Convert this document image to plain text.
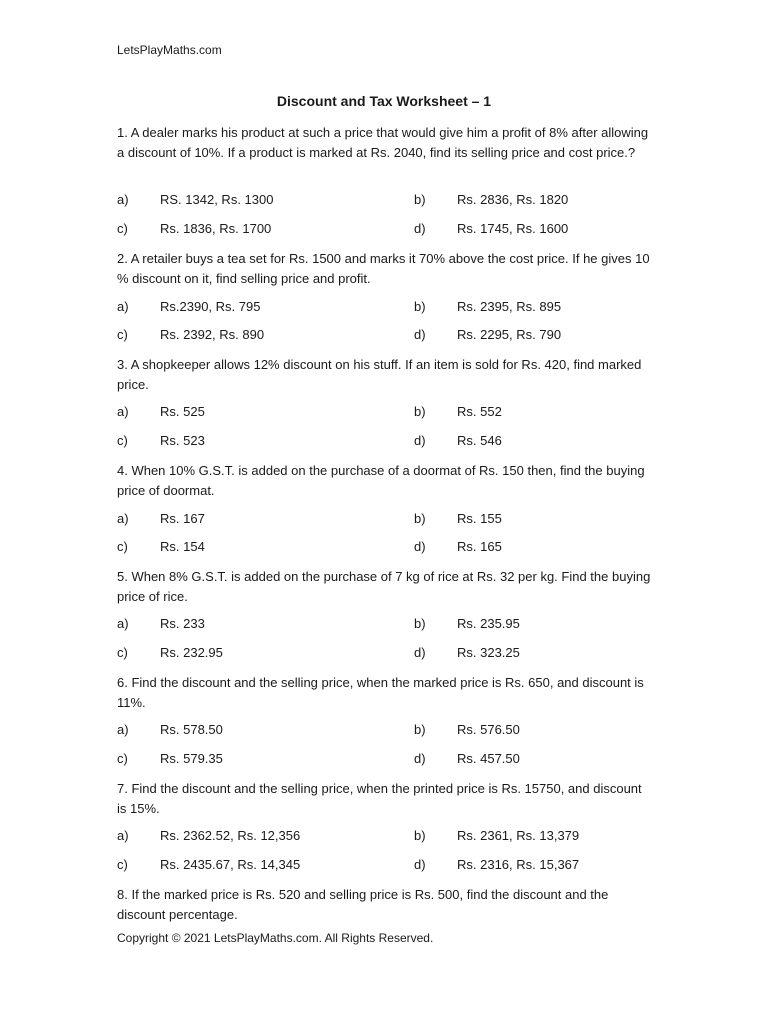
LetsPlayMaths.com
Discount and Tax Worksheet – 1
1. A dealer marks his product at such a price that would give him a profit of 8% after allowing a discount of 10%. If a product is marked at Rs. 2040, find its selling price and cost price.?
a) RS. 1342, Rs. 1300	b) Rs. 2836, Rs. 1820
c) Rs. 1836, Rs. 1700	d) Rs. 1745, Rs. 1600
2. A retailer buys a tea set for Rs. 1500 and marks it 70% above the cost price. If he gives 10 % discount on it, find selling price and profit.
a) Rs.2390, Rs. 795	b) Rs. 2395, Rs. 895
c) Rs. 2392, Rs. 890	d) Rs. 2295, Rs. 790
3. A shopkeeper allows 12% discount on his stuff. If an item is sold for Rs. 420, find marked price.
a) Rs. 525	b) Rs. 552
c) Rs. 523	d) Rs. 546
4. When 10% G.S.T. is added on the purchase of a doormat of Rs. 150 then, find the buying price of doormat.
a) Rs. 167	b) Rs. 155
c) Rs. 154	d) Rs. 165
5. When 8% G.S.T. is added on the purchase of 7 kg of rice at Rs. 32 per kg. Find the buying price of rice.
a) Rs. 233	b) Rs. 235.95
c) Rs. 232.95	d) Rs. 323.25
6. Find the discount and the selling price, when the marked price is Rs. 650, and discount is 11%.
a) Rs. 578.50	b) Rs. 576.50
c) Rs. 579.35	d) Rs. 457.50
7. Find the discount and the selling price, when the printed price is Rs. 15750, and discount is 15%.
a) Rs. 2362.52, Rs. 12,356	b) Rs. 2361, Rs. 13,379
c) Rs. 2435.67, Rs. 14,345	d) Rs. 2316, Rs. 15,367
8. If the marked price is Rs. 520 and selling price is Rs. 500, find the discount and the discount percentage.
Copyright © 2021 LetsPlayMaths.com. All Rights Reserved.
